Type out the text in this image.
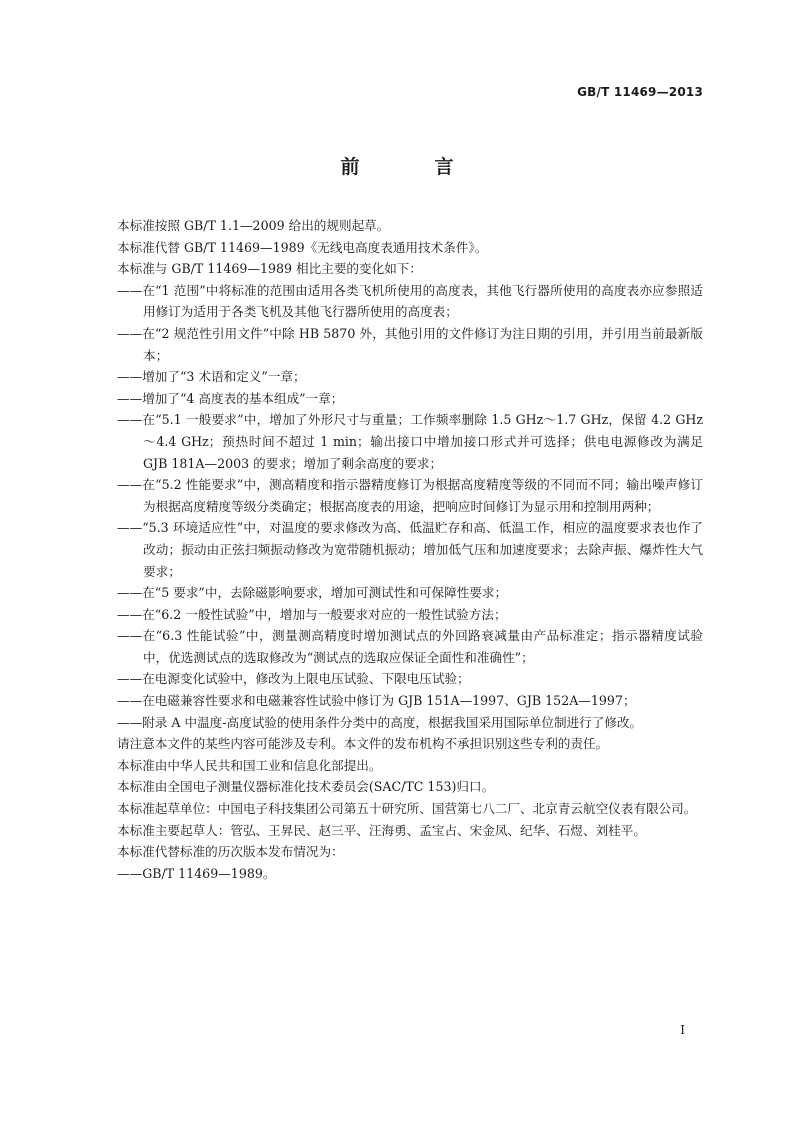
GB/T 11469—2013
前　言

本标准按照 GB/T 1.1—2009 给出的规则起草。

本标准代替 GB/T 11469—1989《无线电高度表通用技术条件》。

本标准与 GB/T 11469—1989 相比主要的变化如下：

——在“1 范围”中将标准的范围由适用各类飞机所使用的高度表，其他飞行器所使用的高度表亦应参照适用修订为适用于各类飞机及其他飞行器所使用的高度表；

——在“2 规范性引用文件”中除 HB 5870 外，其他引用的文件修订为注日期的引用，并引用当前最新版本；

——增加了“3 术语和定义”一章；

——增加了“4 高度表的基本组成”一章；

——在“5.1 一般要求”中，增加了外形尺寸与重量；工作频率删除 1.5 GHz～1.7 GHz，保留 4.2 GHz～4.4 GHz；预热时间不超过 1 min；输出接口中增加接口形式并可选择；供电电源修改为满足 GJB 181A—2003 的要求；增加了剩余高度的要求；

——在“5.2 性能要求”中，测高精度和指示器精度修订为根据高度精度等级的不同而不同；输出噪声修订为根据高度精度等级分类确定；根据高度表的用途，把响应时间修订为显示用和控制用两种；

——“5.3 环境适应性”中，对温度的要求修改为高、低温贮存和高、低温工作，相应的温度要求表也作了改动；振动由正弦扫频振动修改为宽带随机振动；增加低气压和加速度要求；去除声振、爆炸性大气要求；

——在“5 要求”中，去除磁影响要求，增加可测试性和可保障性要求；

——在“6.2 一般性试验”中，增加与一般要求对应的一般性试验方法；

——在“6.3 性能试验”中，测量测高精度时增加测试点的外回路衰减量由产品标准定；指示器精度试验中，优选测试点的选取修改为“测试点的选取应保证全面性和准确性”；

——在电源变化试验中，修改为上限电压试验、下限电压试验；

——在电磁兼容性要求和电磁兼容性试验中修订为 GJB 151A—1997、GJB 152A—1997；

——附录 A 中温度-高度试验的使用条件分类中的高度，根据我国采用国际单位制进行了修改。

请注意本文件的某些内容可能涉及专利。本文件的发布机构不承担识别这些专利的责任。

本标准由中华人民共和国工业和信息化部提出。

本标准由全国电子测量仪器标准化技术委员会(SAC/TC 153)归口。

本标准起草单位：中国电子科技集团公司第五十研究所、国营第七八二厂、北京青云航空仪表有限公司。

本标准主要起草人：管弘、王昇民、赵三平、汪海勇、孟宝占、宋金凤、纪华、石煜、刘桂平。

本标准代替标准的历次版本发布情况为：

——GB/T 11469—1989。

I
